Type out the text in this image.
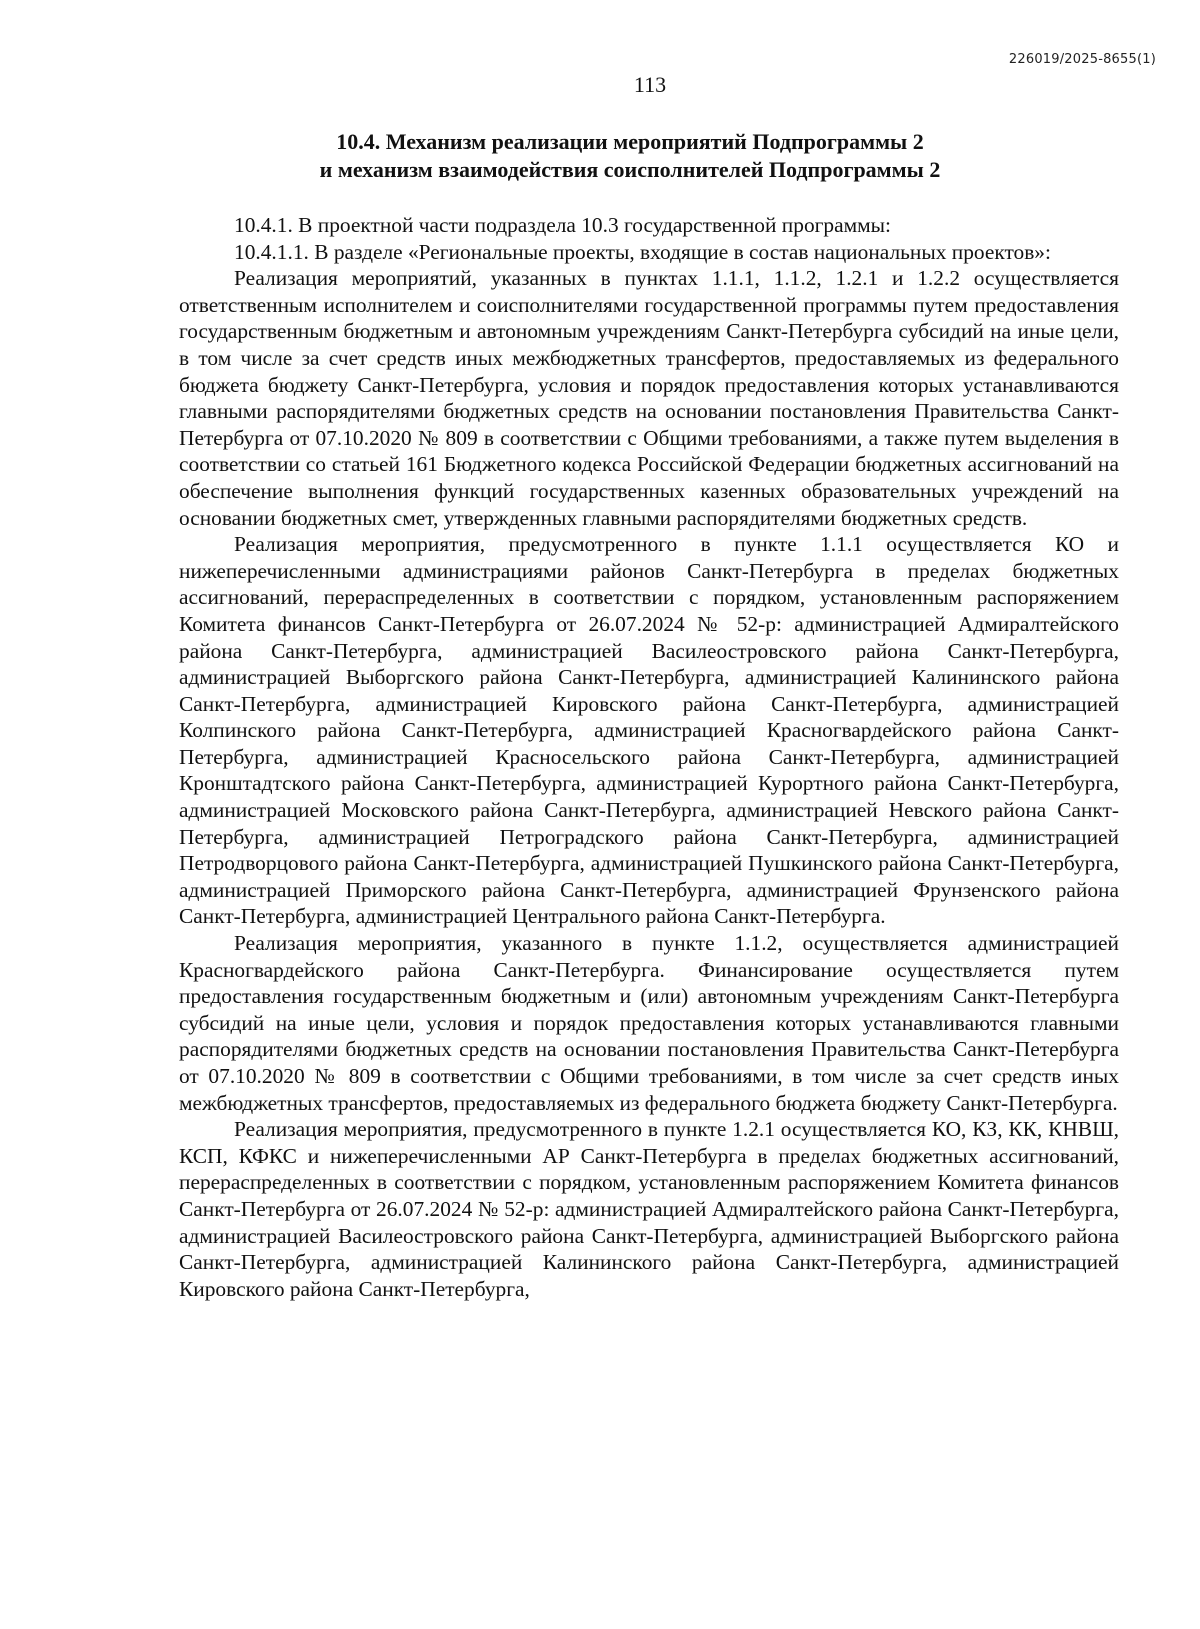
226019/2025-8655(1)
113
10.4. Механизм реализации мероприятий Подпрограммы 2
и механизм взаимодействия соисполнителей Подпрограммы 2

10.4.1. В проектной части подраздела 10.3 государственной программы:

10.4.1.1. В разделе «Региональные проекты, входящие в состав национальных проектов»:

Реализация мероприятий, указанных в пунктах 1.1.1, 1.1.2, 1.2.1 и 1.2.2 осуществляется ответственным исполнителем и соисполнителями государственной программы путем предоставления государственным бюджетным и автономным учреждениям Санкт-Петербурга субсидий на иные цели, в том числе за счет средств иных межбюджетных трансфертов, предоставляемых из федерального бюджета бюджету Санкт-Петербурга, условия и порядок предоставления которых устанавливаются главными распорядителями бюджетных средств на основании постановления Правительства Санкт-Петербурга от 07.10.2020 № 809 в соответствии с Общими требованиями, а также путем выделения в соответствии со статьей 161 Бюджетного кодекса Российской Федерации бюджетных ассигнований на обеспечение выполнения функций государственных казенных образовательных учреждений на основании бюджетных смет, утвержденных главными распорядителями бюджетных средств.

Реализация мероприятия, предусмотренного в пункте 1.1.1 осуществляется КО и нижеперечисленными администрациями районов Санкт-Петербурга в пределах бюджетных ассигнований, перераспределенных в соответствии с порядком, установленным распоряжением Комитета финансов Санкт-Петербурга от 26.07.2024 № 52-р: администрацией Адмиралтейского района Санкт-Петербурга, администрацией Василеостровского района Санкт-Петербурга, администрацией Выборгского района Санкт-Петербурга, администрацией Калининского района Санкт-Петербурга, администрацией Кировского района Санкт-Петербурга, администрацией Колпинского района Санкт-Петербурга, администрацией Красногвардейского района Санкт-Петербурга, администрацией Красносельского района Санкт-Петербурга, администрацией Кронштадтского района Санкт-Петербурга, администрацией Курортного района Санкт-Петербурга, администрацией Московского района Санкт-Петербурга, администрацией Невского района Санкт-Петербурга, администрацией Петроградского района Санкт-Петербурга, администрацией Петродворцового района Санкт-Петербурга, администрацией Пушкинского района Санкт-Петербурга, администрацией Приморского района Санкт-Петербурга, администрацией Фрунзенского района Санкт-Петербурга, администрацией Центрального района Санкт-Петербурга.

Реализация мероприятия, указанного в пункте 1.1.2, осуществляется администрацией Красногвардейского района Санкт-Петербурга. Финансирование осуществляется путем предоставления государственным бюджетным и (или) автономным учреждениям Санкт-Петербурга субсидий на иные цели, условия и порядок предоставления которых устанавливаются главными распорядителями бюджетных средств на основании постановления Правительства Санкт-Петербурга от 07.10.2020 № 809 в соответствии с Общими требованиями, в том числе за счет средств иных межбюджетных трансфертов, предоставляемых из федерального бюджета бюджету Санкт-Петербурга.

Реализация мероприятия, предусмотренного в пункте 1.2.1 осуществляется КО, КЗ, КК, КНВШ, КСП, КФКС и нижеперечисленными АР Санкт-Петербурга в пределах бюджетных ассигнований, перераспределенных в соответствии с порядком, установленным распоряжением Комитета финансов Санкт-Петербурга от 26.07.2024 № 52-р: администрацией Адмиралтейского района Санкт-Петербурга, администрацией Василеостровского района Санкт-Петербурга, администрацией Выборгского района Санкт-Петербурга, администрацией Калининского района Санкт-Петербурга, администрацией Кировского района Санкт-Петербурга,
